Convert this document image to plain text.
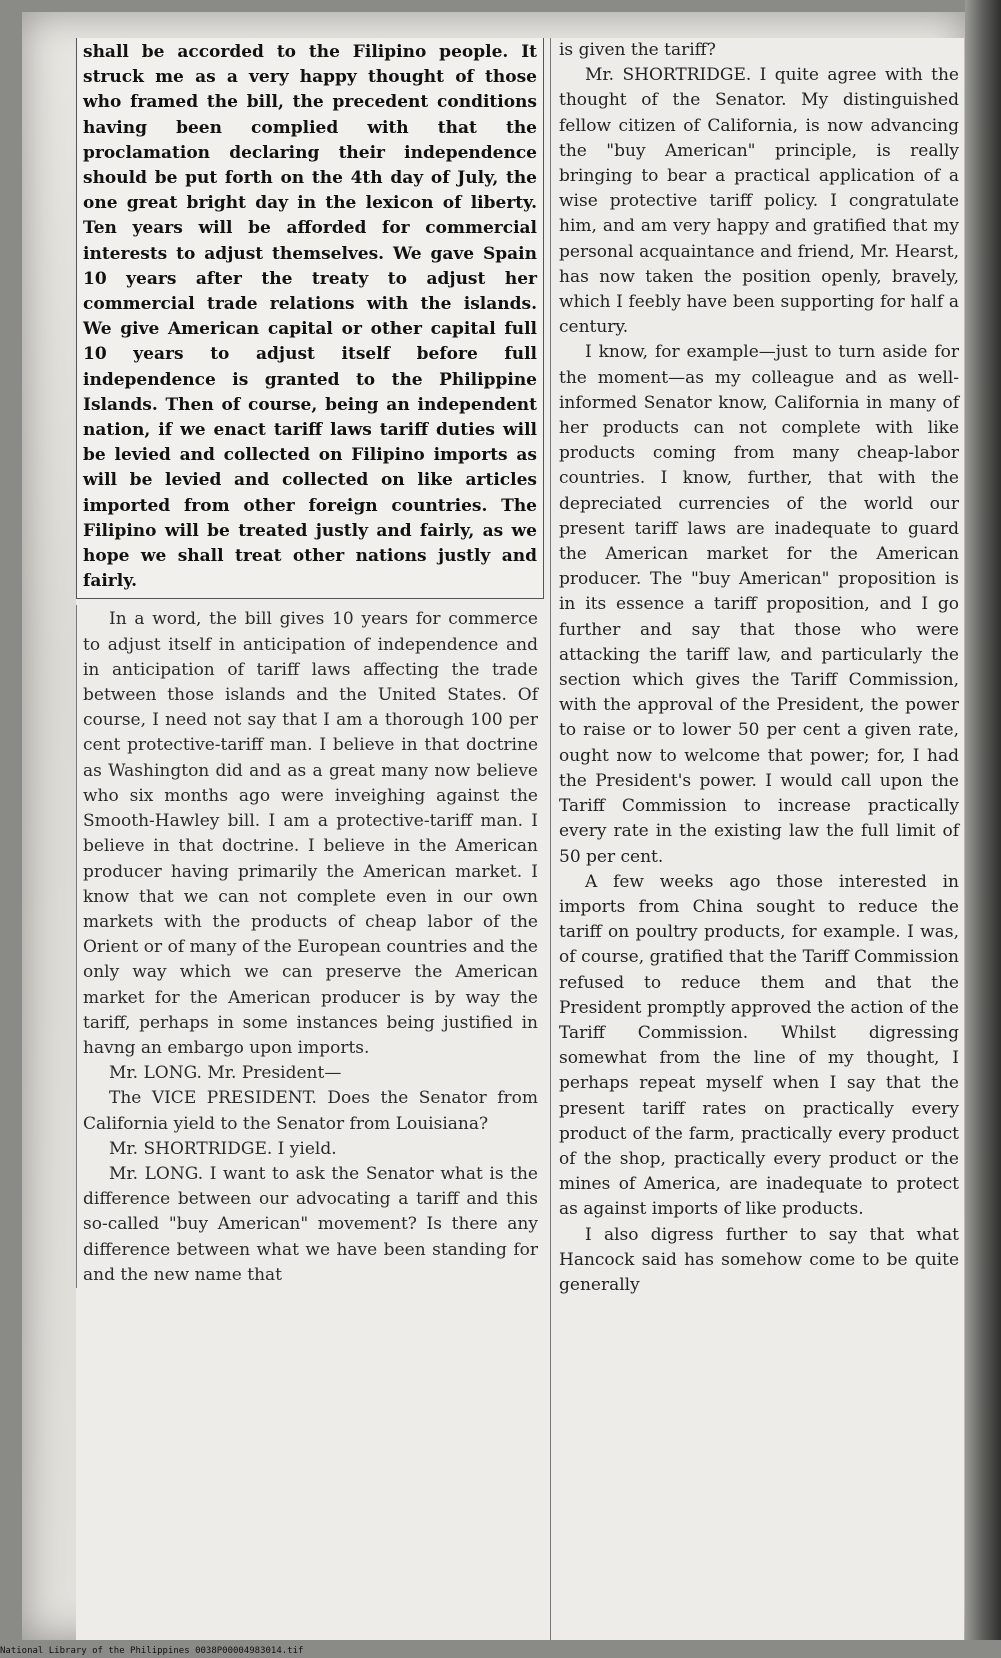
shall be accorded to the Filipino people. It struck me as a very happy thought of those who framed the bill, the precedent conditions having been complied with that the proclamation declaring their independence should be put forth on the 4th day of July, the one great bright day in the lexicon of liberty. Ten years will be afforded for commercial interests to adjust themselves. We gave Spain 10 years after the treaty to adjust her commercial trade relations with the islands. We give American capital or other capital full 10 years to adjust itself before full independence is granted to the Philippine Islands. Then of course, being an independent nation, if we enact tariff laws tariff duties will be levied and collected on Filipino imports as will be levied and collected on like articles imported from other foreign countries. The Filipino will be treated justly and fairly, as we hope we shall treat other nations justly and fairly.

In a word, the bill gives 10 years for commerce to adjust itself in anticipation of independence and in anticipation of tariff laws affecting the trade between those islands and the United States. Of course, I need not say that I am a thorough 100 per cent protective-tariff man. I believe in that doctrine as Washington did and as a great many now believe who six months ago were inveighing against the Smooth-Hawley bill. I am a protective-tariff man. I believe in that doctrine. I believe in the American producer having primarily the American market. I know that we can not complete even in our own markets with the products of cheap labor of the Orient or of many of the European countries and the only way which we can preserve the American market for the American producer is by way the tariff, perhaps in some instances being justified in havng an embargo upon imports.

Mr. LONG. Mr. President—

The VICE PRESIDENT. Does the Senator from California yield to the Senator from Louisiana?

Mr. SHORTRIDGE. I yield.

Mr. LONG. I want to ask the Senator what is the difference between our advocating a tariff and this so-called "buy American" movement? Is there any difference between what we have been standing for and the new name that

is given the tariff?

Mr. SHORTRIDGE. I quite agree with the thought of the Senator. My distinguished fellow citizen of California, is now advancing the "buy American" principle, is really bringing to bear a practical application of a wise protective tariff policy. I congratulate him, and am very happy and gratified that my personal acquaintance and friend, Mr. Hearst, has now taken the position openly, bravely, which I feebly have been supporting for half a century.

I know, for example—just to turn aside for the moment—as my colleague and as well-informed Senator know, California in many of her products can not complete with like products coming from many cheap-labor countries. I know, further, that with the depreciated currencies of the world our present tariff laws are inadequate to guard the American market for the American producer. The "buy American" proposition is in its essence a tariff proposition, and I go further and say that those who were attacking the tariff law, and particularly the section which gives the Tariff Commission, with the approval of the President, the power to raise or to lower 50 per cent a given rate, ought now to welcome that power; for, I had the President's power. I would call upon the Tariff Commission to increase practically every rate in the existing law the full limit of 50 per cent.

A few weeks ago those interested in imports from China sought to reduce the tariff on poultry products, for example. I was, of course, gratified that the Tariff Commission refused to reduce them and that the President promptly approved the action of the Tariff Commission. Whilst digressing somewhat from the line of my thought, I perhaps repeat myself when I say that the present tariff rates on practically every product of the farm, practically every product of the shop, practically every product or the mines of America, are inadequate to protect as against imports of like products.

I also digress further to say that what Hancock said has somehow come to be quite generally

National Library of the Philippines 0038P00004983014.tif
